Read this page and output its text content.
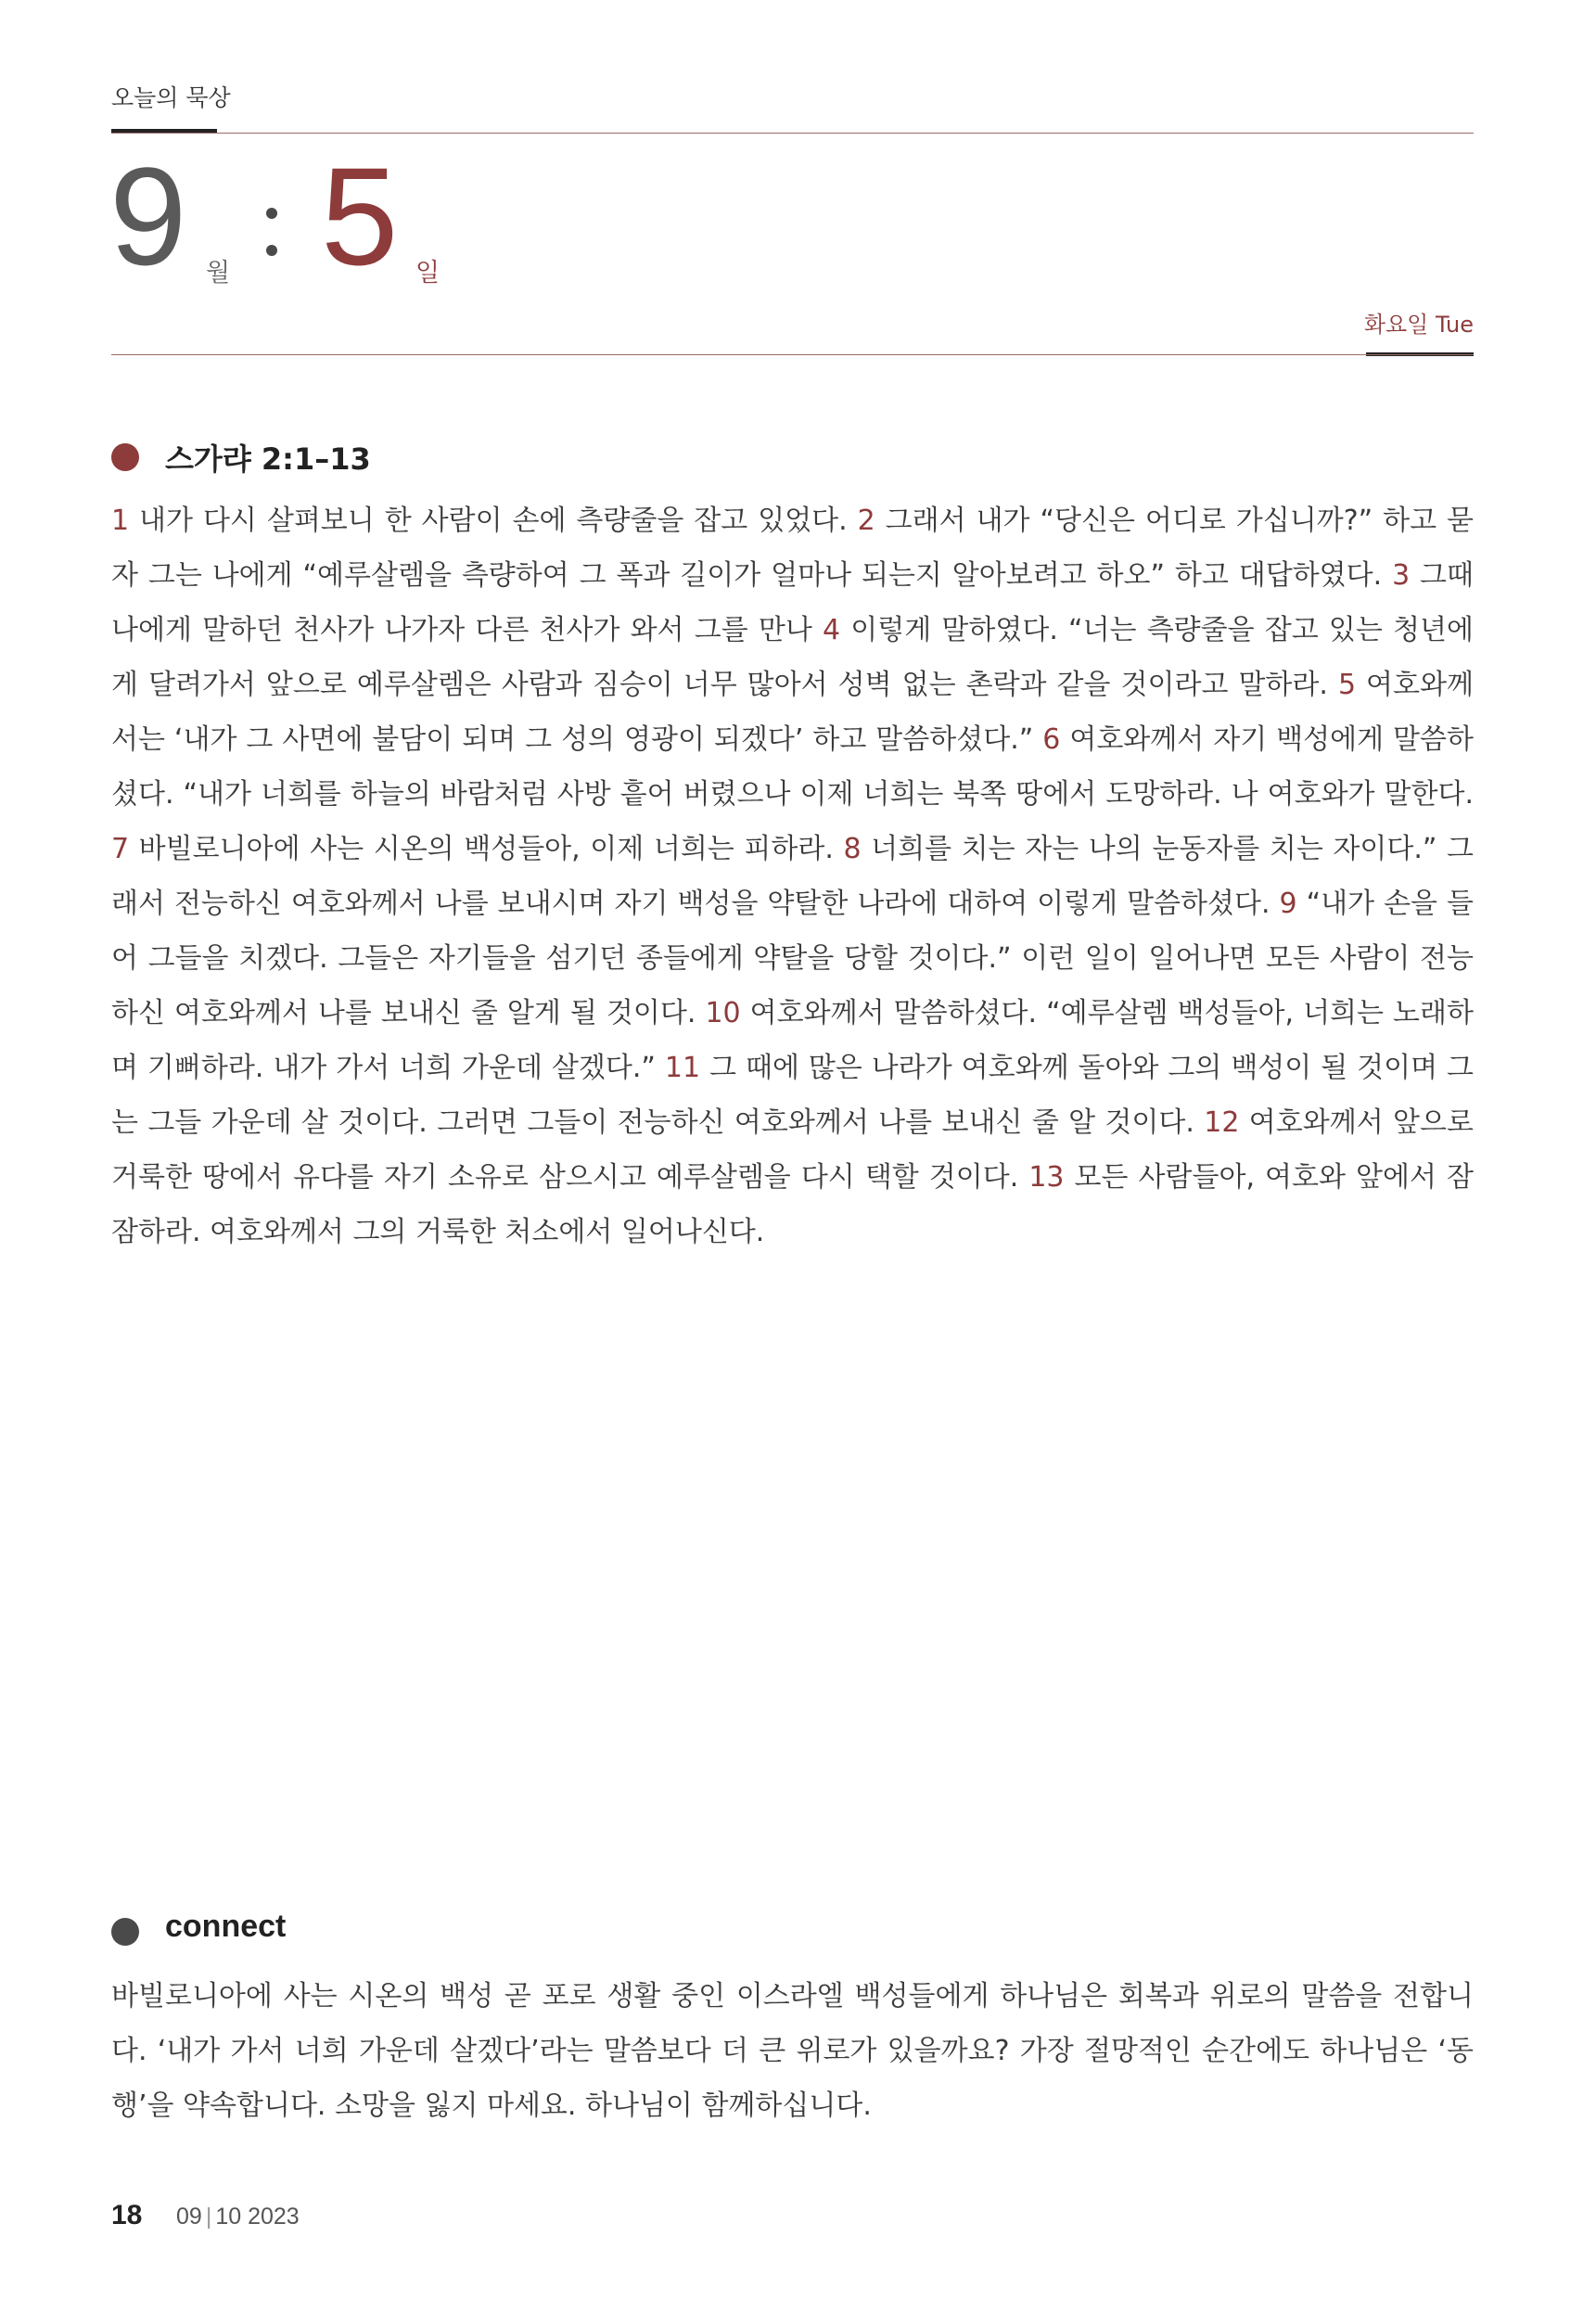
오늘의 묵상
9 월 5 일
화요일 Tue
스가랴 2:1–13
1 내가 다시 살펴보니 한 사람이 손에 측량줄을 잡고 있었다. 2 그래서 내가 “당신은 어디로 가십니까?” 하고 묻자 그는 나에게 “예루살렘을 측량하여 그 폭과 길이가 얼마나 되는지 알아보려고 하오” 하고 대답하였다. 3 그때 나에게 말하던 천사가 나가자 다른 천사가 와서 그를 만나 4 이렇게 말하였다. “너는 측량줄을 잡고 있는 청년에게 달려가서 앞으로 예루살렘은 사람과 짐승이 너무 많아서 성벽 없는 촌락과 같을 것이라고 말하라. 5 여호와께서는 ‘내가 그 사면에 불담이 되며 그 성의 영광이 되겠다’ 하고 말씀하셨다.” 6 여호와께서 자기 백성에게 말씀하셨다. “내가 너희를 하늘의 바람처럼 사방 흩어 버렸으나 이제 너희는 북쪽 땅에서 도망하라. 나 여호와가 말한다. 7 바빌로니아에 사는 시온의 백성들아, 이제 너희는 피하라. 8 너희를 치는 자는 나의 눈동자를 치는 자이다.” 그래서 전능하신 여호와께서 나를 보내시며 자기 백성을 약탈한 나라에 대하여 이렇게 말씀하셨다. 9 “내가 손을 들어 그들을 치겠다. 그들은 자기들을 섬기던 종들에게 약탈을 당할 것이다.” 이런 일이 일어나면 모든 사람이 전능하신 여호와께서 나를 보내신 줄 알게 될 것이다. 10 여호와께서 말씀하셨다. “예루살렘 백성들아, 너희는 노래하며 기뻐하라. 내가 가서 너희 가운데 살겠다.” 11 그 때에 많은 나라가 여호와께 돌아와 그의 백성이 될 것이며 그는 그들 가운데 살 것이다. 그러면 그들이 전능하신 여호와께서 나를 보내신 줄 알 것이다. 12 여호와께서 앞으로 거룩한 땅에서 유다를 자기 소유로 삼으시고 예루살렘을 다시 택할 것이다. 13 모든 사람들아, 여호와 앞에서 잠잠하라. 여호와께서 그의 거룩한 처소에서 일어나신다.
connect
바빌로니아에 사는 시온의 백성 곧 포로 생활 중인 이스라엘 백성들에게 하나님은 회복과 위로의 말씀을 전합니다. ‘내가 가서 너희 가운데 살겠다’라는 말씀보다 더 큰 위로가 있을까요? 가장 절망적인 순간에도 하나님은 ‘동행’을 약속합니다. 소망을 잃지 마세요. 하나님이 함께하십니다.
18 09 | 10 2023
